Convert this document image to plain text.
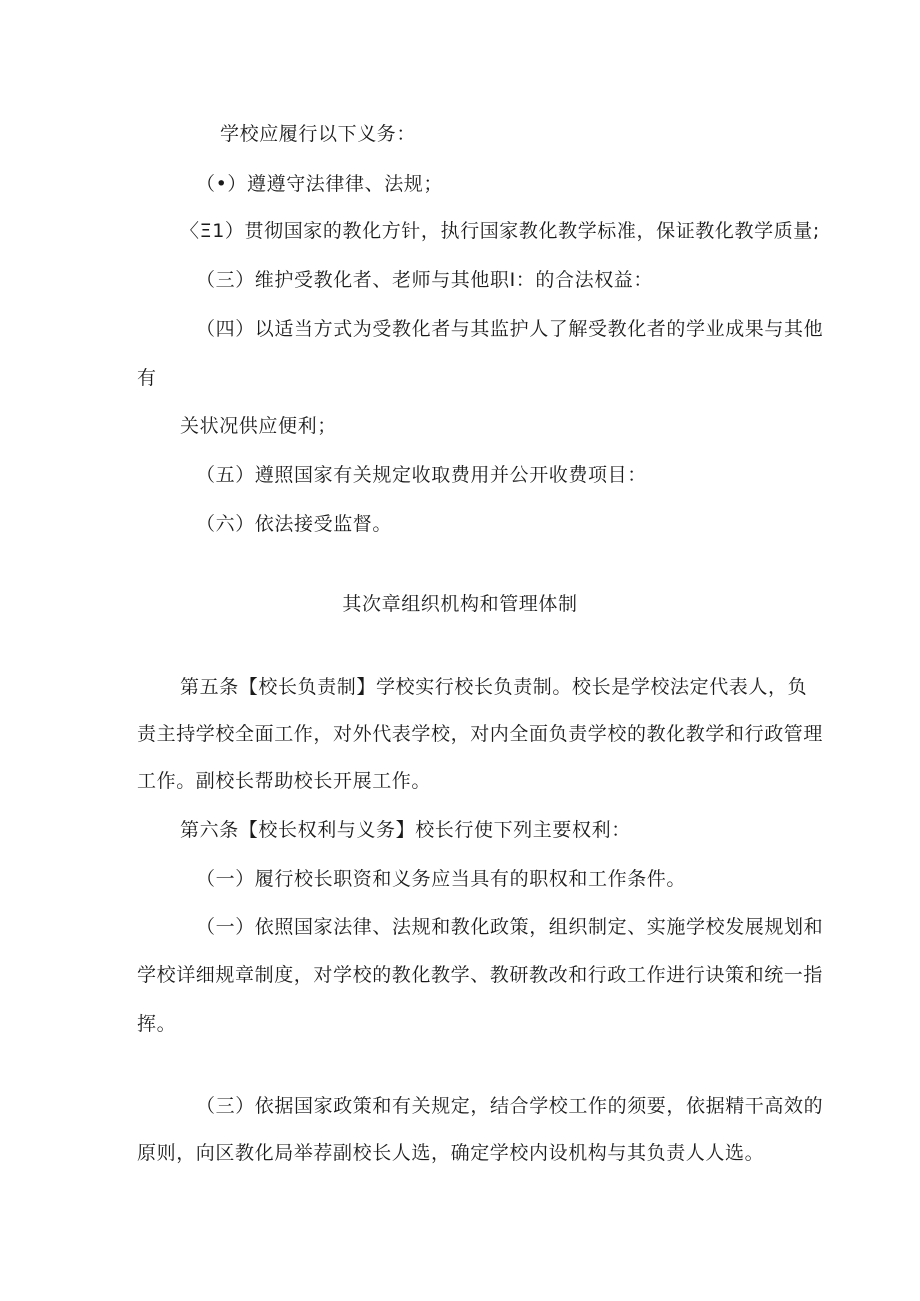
学校应履行以下义务：
（•）遵遵守法律律、法规；
〈Ξ1）贯彻国家的教化方针，执行国家教化教学标准，保证教化教学质量;
（三）维护受教化者、老师与其他职I：的合法权益：
（四）以适当方式为受教化者与其监护人了解受教化者的学业成果与其他
有
关状况供应便利；
（五）遵照国家有关规定收取费用并公开收费项目：
（六）依法接受监督。
其次章组织机构和管理体制
第五条【校长负责制】学校实行校长负责制。校长是学校法定代表人，负
责主持学校全面工作，对外代表学校，对内全面负责学校的教化教学和行政管理
工作。副校长帮助校长开展工作。
第六条【校长权利与义务】校长行使下列主要权利：
（一）履行校长职资和义务应当具有的职权和工作条件。
（一）依照国家法律、法规和教化政策，组织制定、实施学校发展规划和
学校详细规章制度，对学校的教化教学、教研教改和行政工作进行诀策和统一指
挥。
（三）依据国家政策和有关规定，结合学校工作的须要，依据精干高效的
原则，向区教化局举荐副校长人选，确定学校内设机构与其负责人人选。
